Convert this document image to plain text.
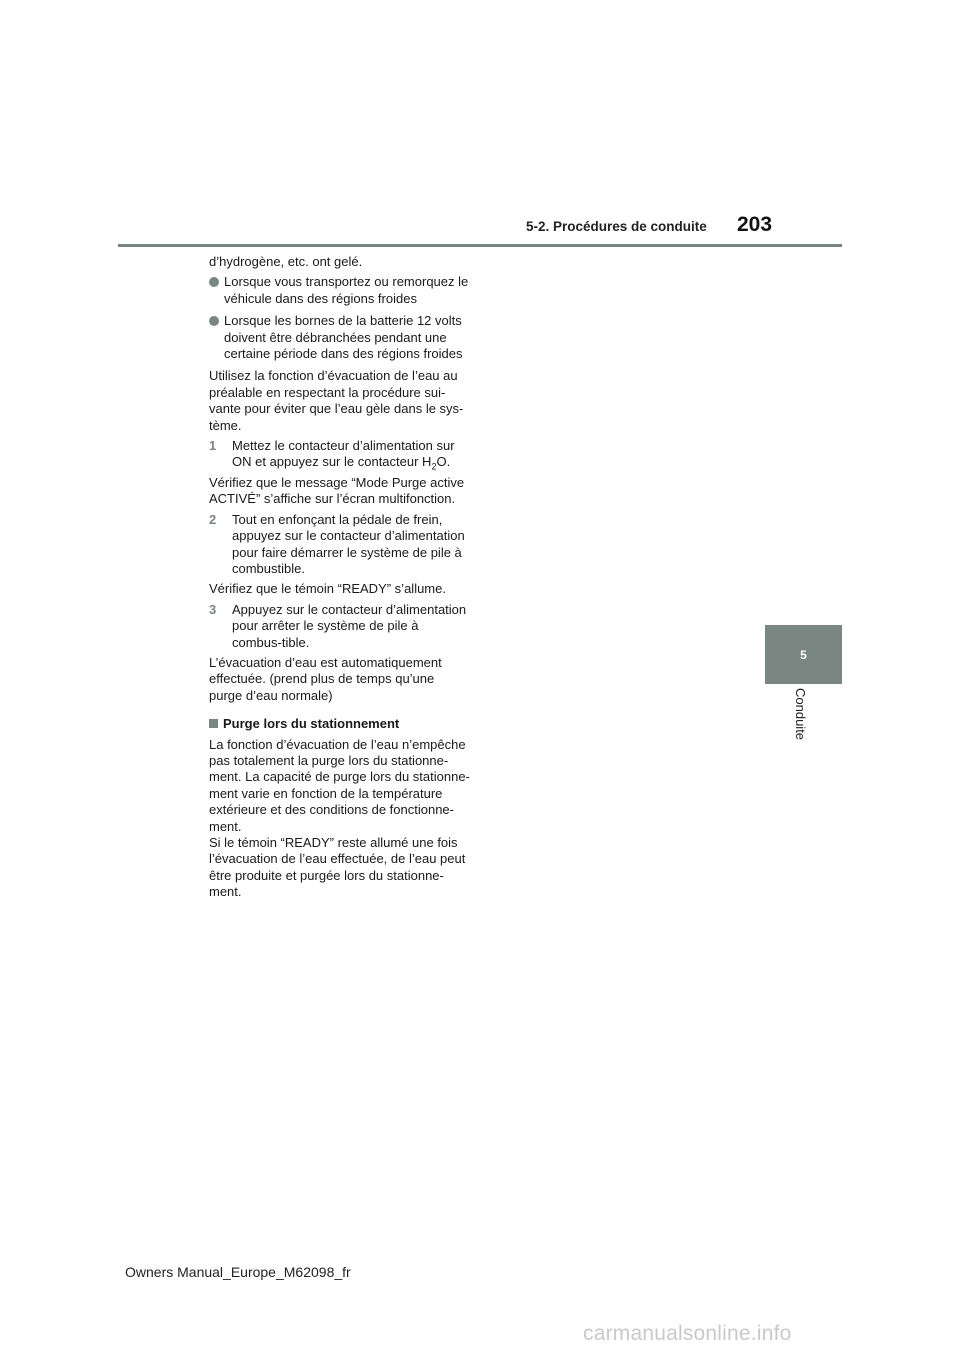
5-2. Procédures de conduite 203
5
Conduite

d’hydrogène, etc. ont gelé.

Lorsque vous transportez ou remorquez le véhicule dans des régions froides
Lorsque les bornes de la batterie 12 volts doivent être débranchées pendant une certaine période dans des régions froides

Utilisez la fonction d’évacuation de l’eau au préalable en respectant la procédure sui-vante pour éviter que l’eau gèle dans le sys-tème.

1 Mettez le contacteur d’alimentation sur ON et appuyez sur le contacteur $H_2O$.

Vérifiez que le message “Mode Purge active ACTIVÉ” s’affiche sur l’écran multifonction.

2 Tout en enfonçant la pédale de frein, appuyez sur le contacteur d’alimentation pour faire démarrer le système de pile à combustible.

Vérifiez que le témoin “READY” s’allume.

3 Appuyez sur le contacteur d’alimentation pour arrêter le système de pile à combus-tible.

L’évacuation d’eau est automatiquement effectuée. (prend plus de temps qu’une purge d’eau normale)

Purge lors du stationnement

La fonction d’évacuation de l’eau n’empêche pas totalement la purge lors du stationne-ment. La capacité de purge lors du stationne-ment varie en fonction de la température extérieure et des conditions de fonctionne-ment.

Si le témoin “READY” reste allumé une fois l’évacuation de l’eau effectuée, de l’eau peut être produite et purgée lors du stationne-ment.

Owners Manual_Europe_M62098_fr
carmanualsonline.info
